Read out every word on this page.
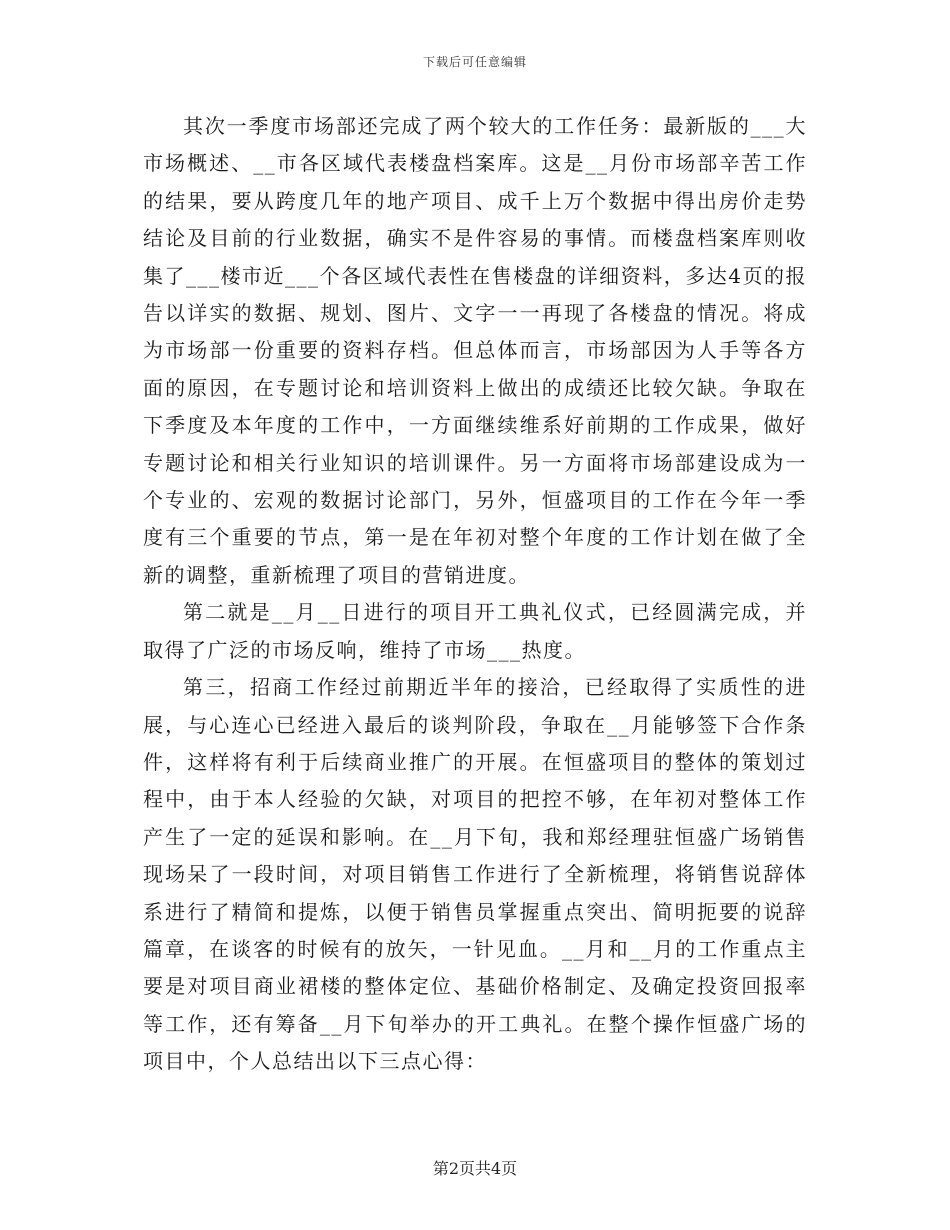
下载后可任意编辑

其次一季度市场部还完成了两个较大的工作任务：最新版的___大市场概述、__市各区域代表楼盘档案库。这是__月份市场部辛苦工作的结果，要从跨度几年的地产项目、成千上万个数据中得出房价走势结论及目前的行业数据，确实不是件容易的事情。而楼盘档案库则收集了___楼市近___个各区域代表性在售楼盘的详细资料，多达4页的报告以详实的数据、规划、图片、文字一一再现了各楼盘的情况。将成为市场部一份重要的资料存档。但总体而言，市场部因为人手等各方面的原因，在专题讨论和培训资料上做出的成绩还比较欠缺。争取在下季度及本年度的工作中，一方面继续维系好前期的工作成果，做好专题讨论和相关行业知识的培训课件。另一方面将市场部建设成为一个专业的、宏观的数据讨论部门，另外，恒盛项目的工作在今年一季度有三个重要的节点，第一是在年初对整个年度的工作计划在做了全新的调整，重新梳理了项目的营销进度。

第二就是__月__日进行的项目开工典礼仪式，已经圆满完成，并取得了广泛的市场反响，维持了市场___热度。

第三，招商工作经过前期近半年的接洽，已经取得了实质性的进展，与心连心已经进入最后的谈判阶段，争取在__月能够签下合作条件，这样将有利于后续商业推广的开展。在恒盛项目的整体的策划过程中，由于本人经验的欠缺，对项目的把控不够，在年初对整体工作产生了一定的延误和影响。在__月下旬，我和郑经理驻恒盛广场销售现场呆了一段时间，对项目销售工作进行了全新梳理，将销售说辞体系进行了精简和提炼，以便于销售员掌握重点突出、简明扼要的说辞篇章，在谈客的时候有的放矢，一针见血。__月和__月的工作重点主要是对项目商业裙楼的整体定位、基础价格制定、及确定投资回报率等工作，还有筹备__月下旬举办的开工典礼。在整个操作恒盛广场的项目中，个人总结出以下三点心得：

第2页共4页
